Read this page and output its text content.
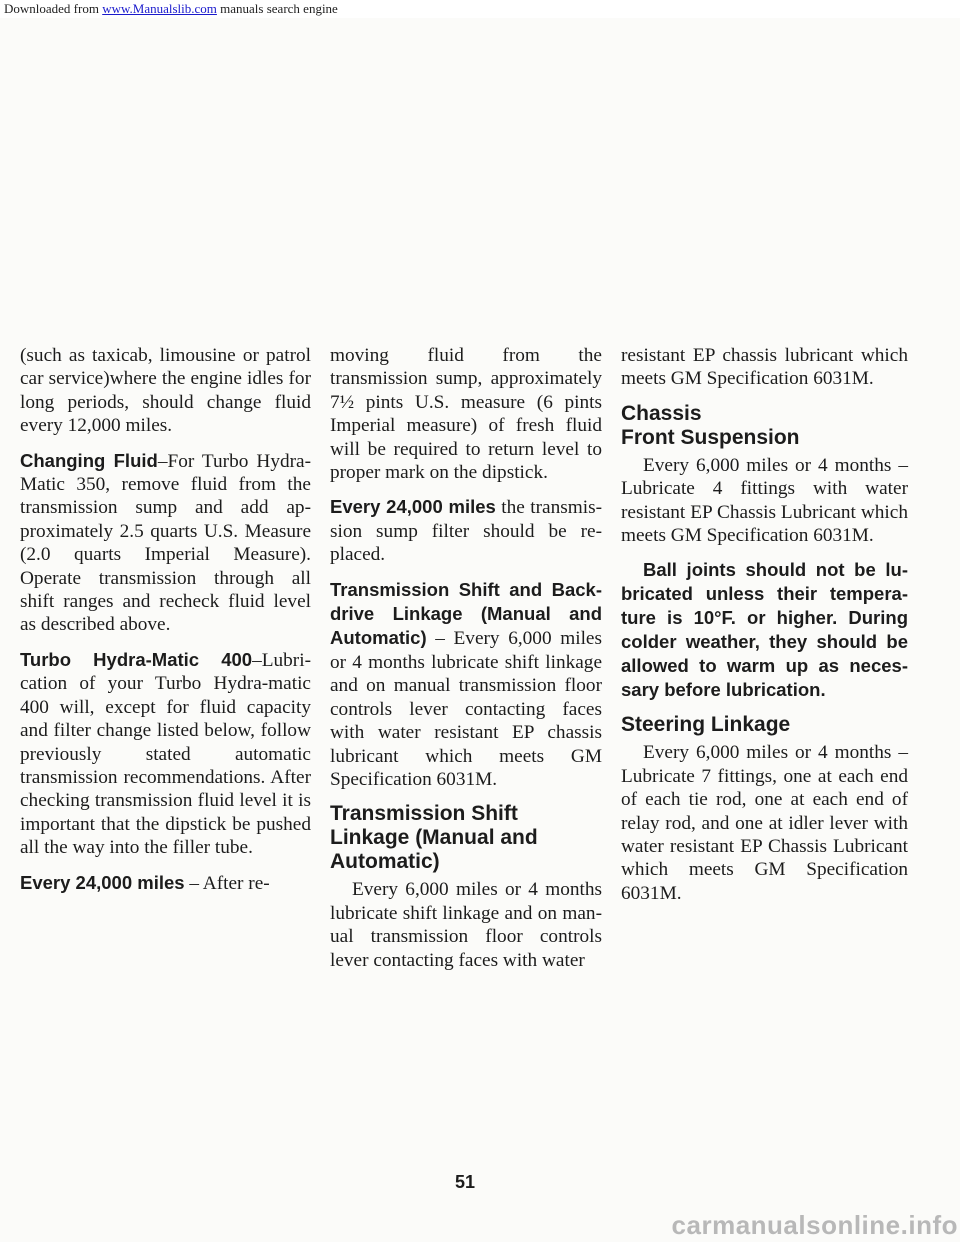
Downloaded from www.Manualslib.com manuals search engine

(such as taxicab, limousine or patrol car service)where the engine idles for long periods, should change fluid every 12,000 miles.

Changing Fluid–For Turbo Hydra-Matic 350, remove fluid from the transmission sump and add approximately 2.5 quarts U.S. Measure (2.0 quarts Imperial Measure). Operate transmission through all shift ranges and recheck fluid level as described above.

Turbo Hydra-Matic 400–Lubrication of your Turbo Hydra-matic 400 will, except for fluid capacity and filter change listed below, follow previously stated automatic transmission recommendations. After checking transmission fluid level it is important that the dipstick be pushed all the way into the filler tube.

Every 24,000 miles – After re-

moving fluid from the transmission sump, approximately 7½ pints U.S. measure (6 pints Imperial measure) of fresh fluid will be required to return level to proper mark on the dipstick.

Every 24,000 miles the transmission sump filter should be replaced.

Transmission Shift and Backdrive Linkage (Manual and Automatic) – Every 6,000 miles or 4 months lubricate shift linkage and on manual transmission floor controls lever contacting faces with water resistant EP chassis lubricant which meets GM Specification 6031M.

Transmission Shift Linkage (Manual and Automatic)

Every 6,000 miles or 4 months lubricate shift linkage and on manual transmission floor controls lever contacting faces with water

resistant EP chassis lubricant which meets GM Specification 6031M.

Chassis
Front Suspension

Every 6,000 miles or 4 months –Lubricate 4 fittings with water resistant EP Chassis Lubricant which meets GM Specification 6031M.

Ball joints should not be lubricated unless their temperature is 10°F. or higher. During colder weather, they should be allowed to warm up as necessary before lubrication.

Steering Linkage

Every 6,000 miles or 4 months –Lubricate 7 fittings, one at each end of each tie rod, one at each end of relay rod, and one at idler lever with water resistant EP Chassis Lubricant which meets GM Specification 6031M.

51
carmanualsonline.info
